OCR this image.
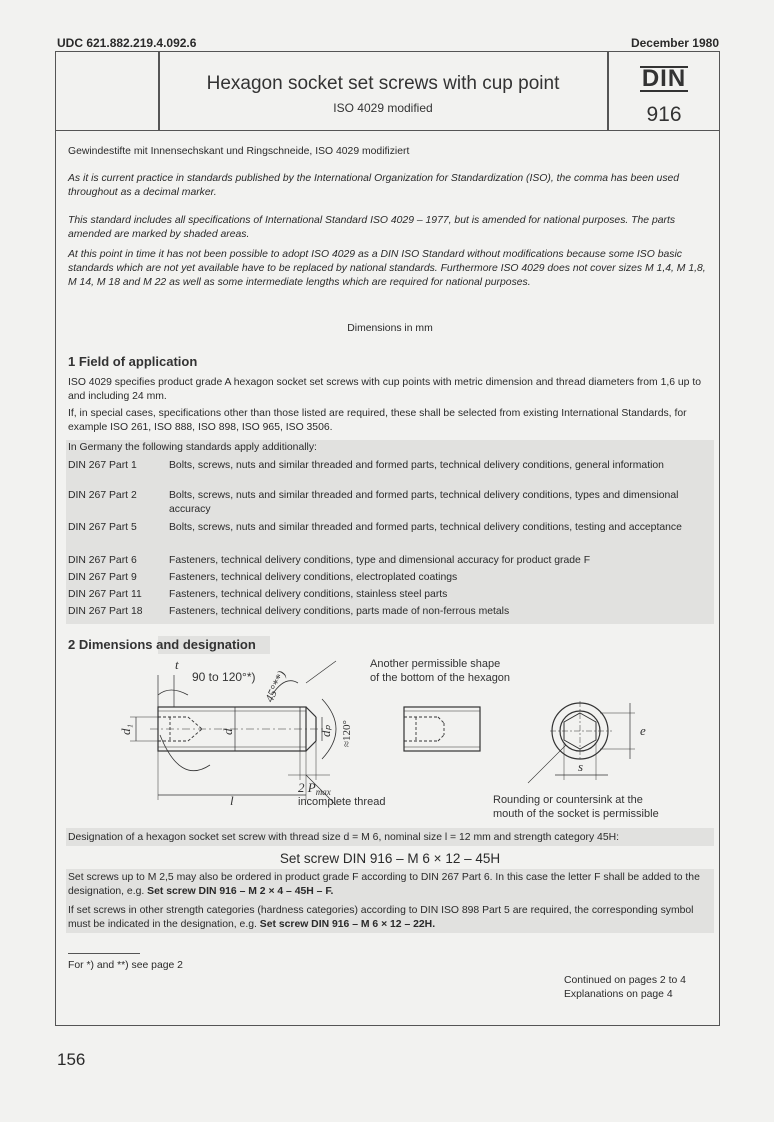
UDC 621.882.219.4.092.6	December 1980
Hexagon socket set screws with cup point
ISO 4029 modified
DIN
916
Gewindestifte mit Innensechskant und Ringschneide, ISO 4029 modifiziert
As it is current practice in standards published by the International Organization for Standardization (ISO), the comma has been used throughout as a decimal marker.
This standard includes all specifications of International Standard ISO 4029 – 1977, but is amended for national purposes. The parts amended are marked by shaded areas.
At this point in time it has not been possible to adopt ISO 4029 as a DIN ISO Standard without modifications because some ISO basic standards which are not yet available have to be replaced by national standards. Furthermore ISO 4029 does not cover sizes M 1,4, M 1,8, M 14, M 18 and M 22 as well as some intermediate lengths which are required for national purposes.
Dimensions in mm
1 Field of application
ISO 4029 specifies product grade A hexagon socket set screws with cup points with metric dimension and thread diameters from 1,6 up to and including 24 mm.
If, in special cases, specifications other than those listed are required, these shall be selected from existing International Standards, for example ISO 261, ISO 888, ISO 898, ISO 965, ISO 3506.
In Germany the following standards apply additionally:
DIN 267 Part 1	Bolts, screws, nuts and similar threaded and formed parts, technical delivery conditions, general information
DIN 267 Part 2	Bolts, screws, nuts and similar threaded and formed parts, technical delivery conditions, types and dimensional accuracy
DIN 267 Part 5	Bolts, screws, nuts and similar threaded and formed parts, technical delivery conditions, testing and acceptance
DIN 267 Part 6	Fasteners, technical delivery conditions, type and dimensional accuracy for product grade F
DIN 267 Part 9	Fasteners, technical delivery conditions, electroplated coatings
DIN 267 Part 11	Fasteners, technical delivery conditions, stainless steel parts
DIN 267 Part 18	Fasteners, technical delivery conditions, parts made of non-ferrous metals
2 Dimensions and designation
90 to 120°*)
t
45°**)
d₁	d	dₚ ≈120°
2 $P_{max}$
incomplete thread
l
Another permissible shape
of the bottom of the hexagon
e
s
Rounding or countersink at the
mouth of the socket is permissible
Designation of a hexagon socket set screw with thread size d = M 6, nominal size l = 12 mm and strength category 45H:
Set screw DIN 916 – M 6 × 12 – 45H
Set screws up to M 2,5 may also be ordered in product grade F according to DIN 267 Part 6. In this case the letter F shall be added to the designation, e.g. Set screw DIN 916 – M 2 × 4 – 45H – F.
If set screws in other strength categories (hardness categories) according to DIN ISO 898 Part 5 are required, the corresponding symbol must be indicated in the designation, e.g. Set screw DIN 916 – M 6 × 12 – 22H.
For *) and **) see page 2
Continued on pages 2 to 4
Explanations on page 4
156
